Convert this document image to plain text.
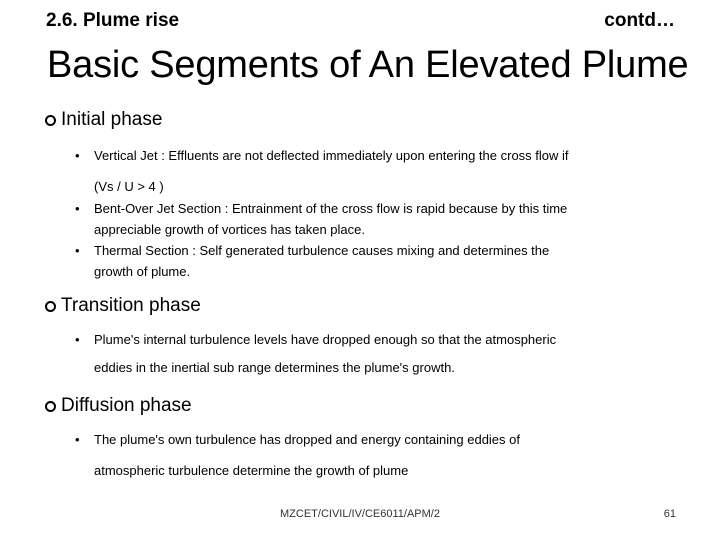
2.6. Plume rise	contd…
Basic Segments of An Elevated Plume
Initial phase
• Vertical Jet : Effluents are not deflected immediately upon entering the cross flow if
(Vs / U > 4 )
• Bent-Over Jet Section : Entrainment of the cross flow is rapid because by this time
appreciable growth of vortices has taken place.
• Thermal Section : Self generated turbulence causes mixing and determines the
growth of plume.
Transition phase
• Plume's internal turbulence levels have dropped enough so that the atmospheric
eddies in the inertial sub range determines the plume's growth.
Diffusion phase
• The plume's own turbulence has dropped and energy containing eddies of
atmospheric turbulence determine the growth of plume
MZCET/CIVIL/IV/CE6011/APM/2	61
